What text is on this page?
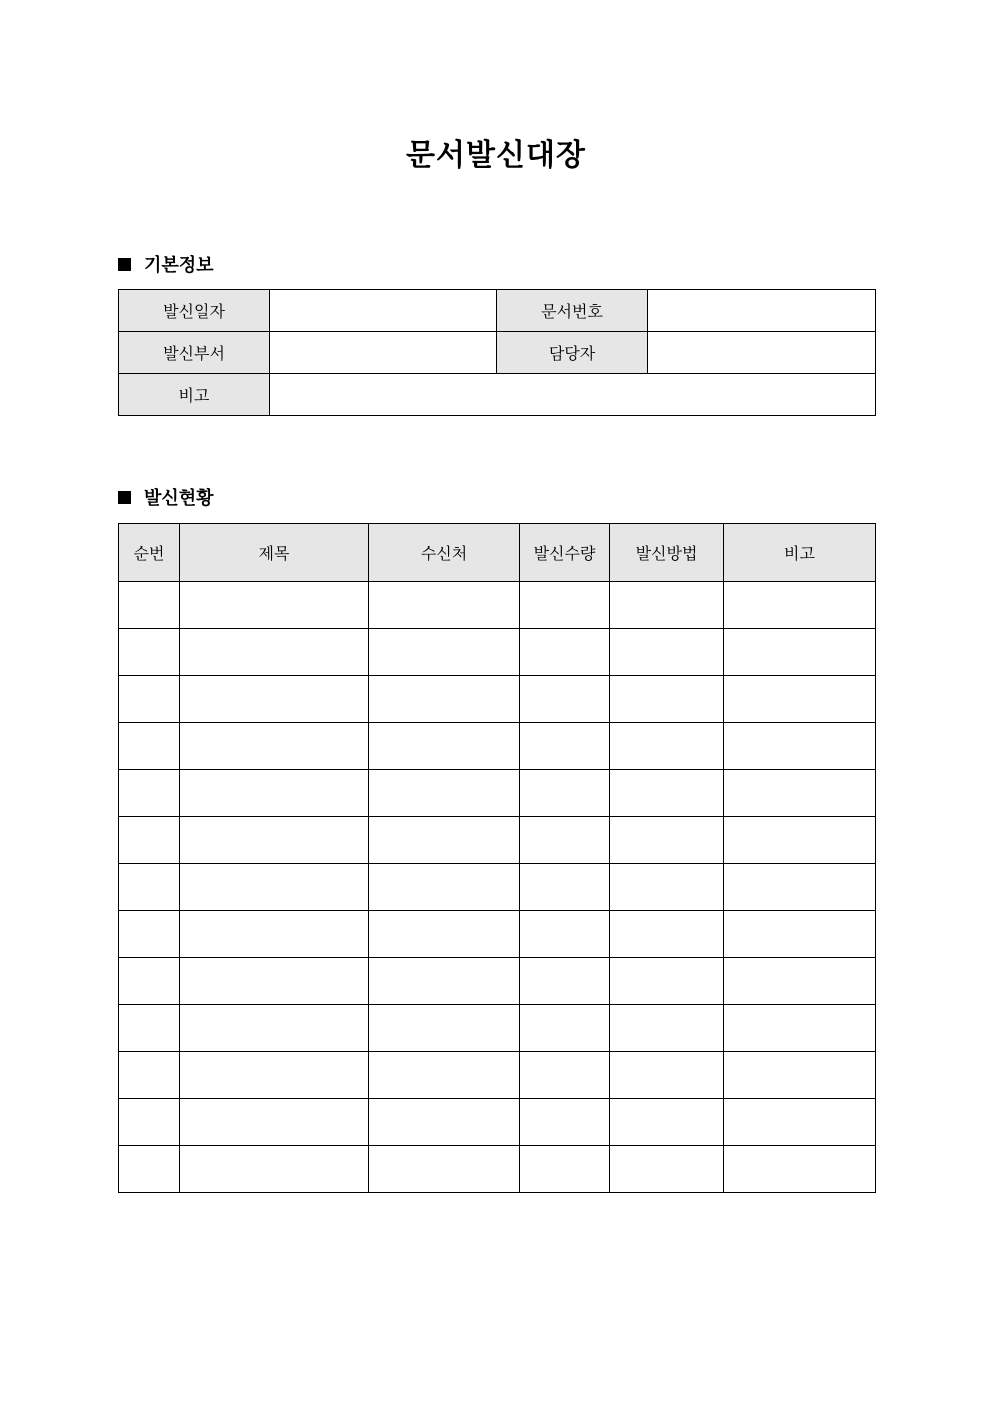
문서발신대장
기본정보
발신일자		문서번호	
발신부서		담당자	
비고			
발신현황
순번	제목	수신처	발신수량	발신방법	비고
